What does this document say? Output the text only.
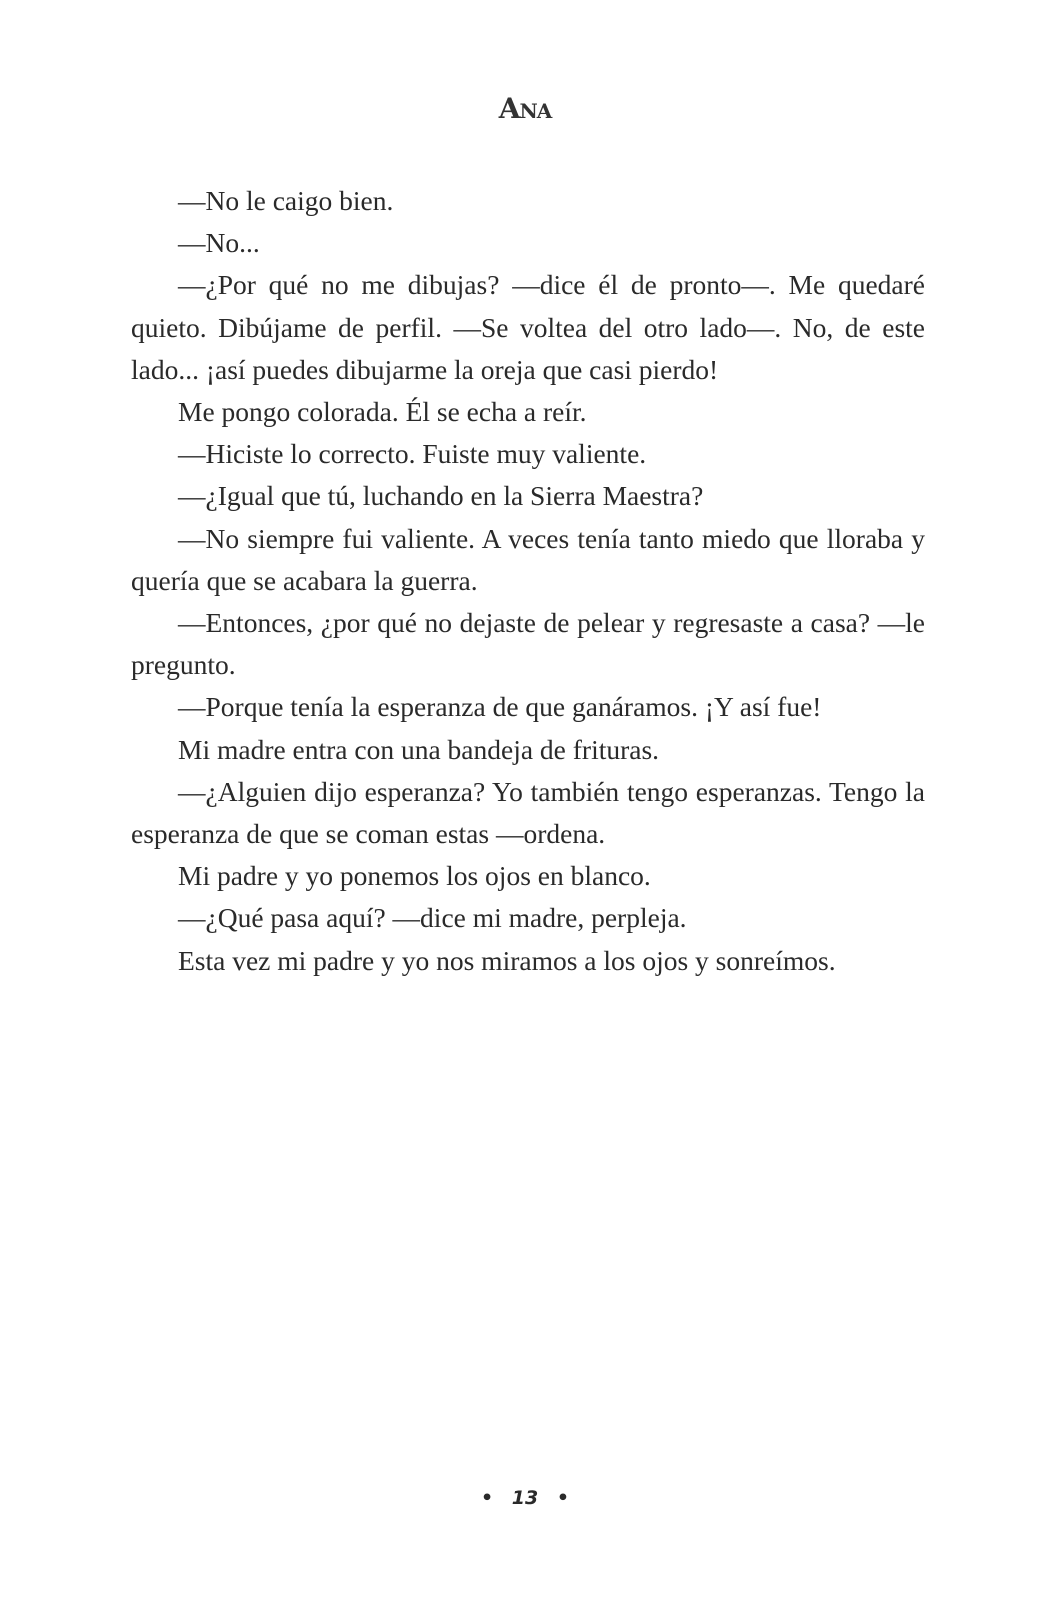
Ana

—No le caigo bien.

—No...

—¿Por qué no me dibujas? —dice él de pronto—. Me quedaré quieto. Dibújame de perfil. —Se voltea del otro lado—. No, de este lado... ¡así puedes dibujarme la oreja que casi pierdo!

Me pongo colorada. Él se echa a reír.

—Hiciste lo correcto. Fuiste muy valiente.

—¿Igual que tú, luchando en la Sierra Maestra?

—No siempre fui valiente. A veces tenía tanto miedo que lloraba y quería que se acabara la guerra.

—Entonces, ¿por qué no dejaste de pelear y regresaste a casa? —le pregunto.

—Porque tenía la esperanza de que ganáramos. ¡Y así fue!

Mi madre entra con una bandeja de frituras.

—¿Alguien dijo esperanza? Yo también tengo esperanzas. Tengo la esperanza de que se coman estas —ordena.

Mi padre y yo ponemos los ojos en blanco.

—¿Qué pasa aquí? —dice mi madre, perpleja.

Esta vez mi padre y yo nos miramos a los ojos y sonreímos.

• 13 •
